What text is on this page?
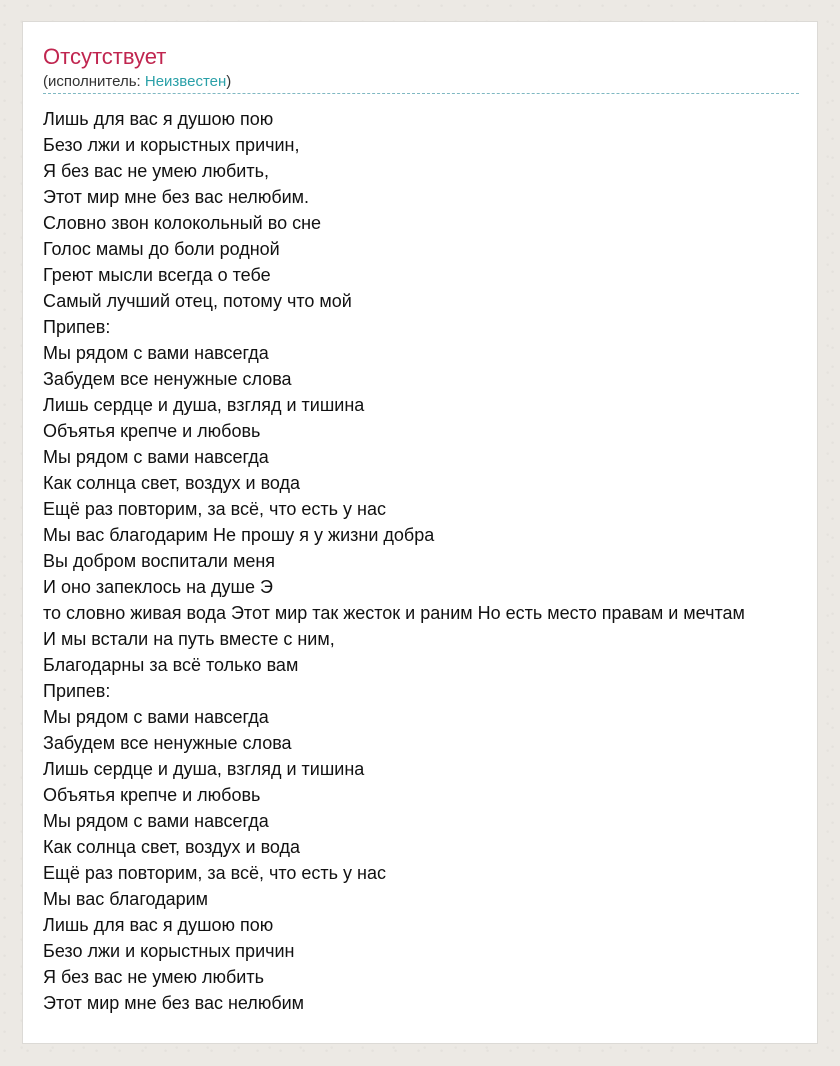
Отсутствует
(исполнитель: Неизвестен)
Лишь для вас я душою пою
Безо лжи и корыстных причин,
Я без вас не умею любить,
Этот мир мне без вас нелюбим.
Словно звон колокольный во сне
Голос мамы до боли родной
Греют мысли всегда о тебе
Самый лучший отец, потому что мой
Припев:
Мы рядом с вами навсегда
Забудем все ненужные слова
Лишь сердце и душа, взгляд и тишина
Объятья крепче и любовь
Мы рядом с вами навсегда
Как солнца свет, воздух и вода
Ещё раз повторим, за всё, что есть у нас
Мы вас благодарим Не прошу я у жизни добра
Вы добром воспитали меня
И оно запеклось на душе Э
то словно живая вода Этот мир так жесток и раним Но есть место правам и мечтам
И мы встали на путь вместе с ним,
Благодарны за всё только вам
Припев:
Мы рядом с вами навсегда
Забудем все ненужные слова
Лишь сердце и душа, взгляд и тишина
Объятья крепче и любовь
Мы рядом с вами навсегда
Как солнца свет, воздух и вода
Ещё раз повторим, за всё, что есть у нас
Мы вас благодарим
Лишь для вас я душою пою
Безо лжи и корыстных причин
Я без вас не умею любить
Этот мир мне без вас нелюбим
